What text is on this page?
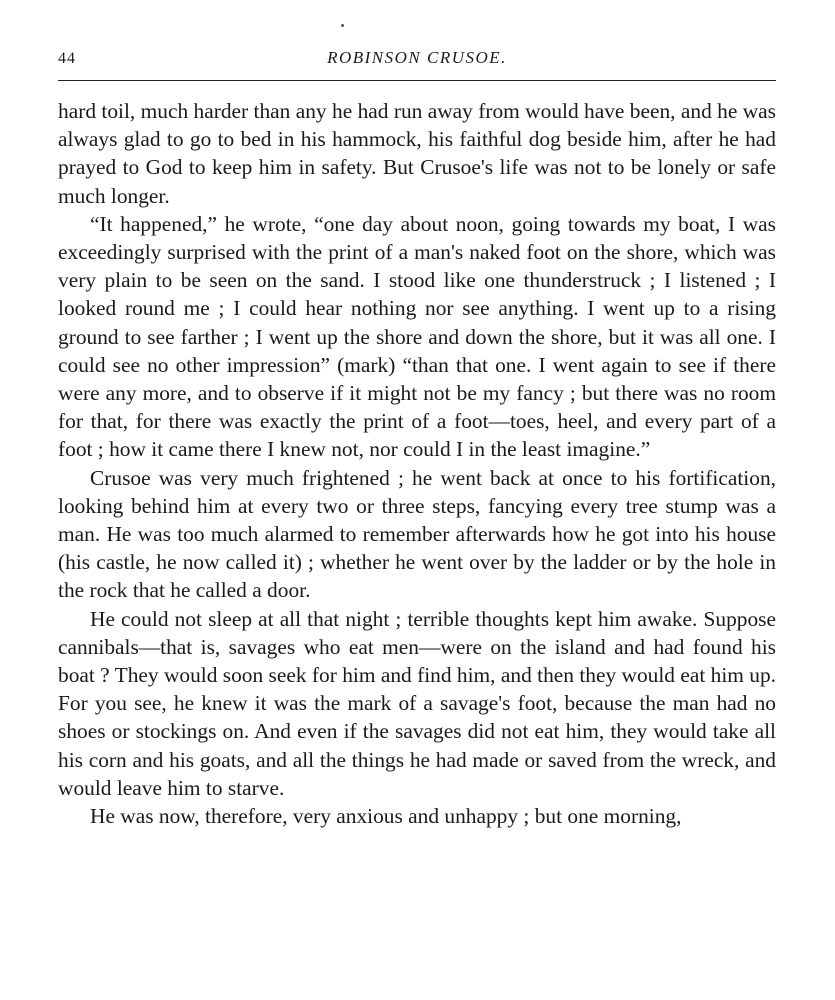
44	ROBINSON CRUSOE.

hard toil, much harder than any he had run away from would have been, and he was always glad to go to bed in his hammock, his faithful dog beside him, after he had prayed to God to keep him in safety. But Crusoe's life was not to be lonely or safe much longer.

“It happened,” he wrote, “one day about noon, going towards my boat, I was exceedingly surprised with the print of a man's naked foot on the shore, which was very plain to be seen on the sand. I stood like one thunderstruck ; I listened ; I looked round me ; I could hear nothing nor see anything. I went up to a rising ground to see farther ; I went up the shore and down the shore, but it was all one. I could see no other impression” (mark) “than that one. I went again to see if there were any more, and to observe if it might not be my fancy ; but there was no room for that, for there was exactly the print of a foot—toes, heel, and every part of a foot ; how it came there I knew not, nor could I in the least imagine.”

Crusoe was very much frightened ; he went back at once to his fortification, looking behind him at every two or three steps, fancying every tree stump was a man. He was too much alarmed to remember afterwards how he got into his house (his castle, he now called it) ; whether he went over by the ladder or by the hole in the rock that he called a door.

He could not sleep at all that night ; terrible thoughts kept him awake. Suppose cannibals—that is, savages who eat men—were on the island and had found his boat ? They would soon seek for him and find him, and then they would eat him up. For you see, he knew it was the mark of a savage's foot, because the man had no shoes or stockings on. And even if the savages did not eat him, they would take all his corn and his goats, and all the things he had made or saved from the wreck, and would leave him to starve.

He was now, therefore, very anxious and unhappy ; but one morning,
